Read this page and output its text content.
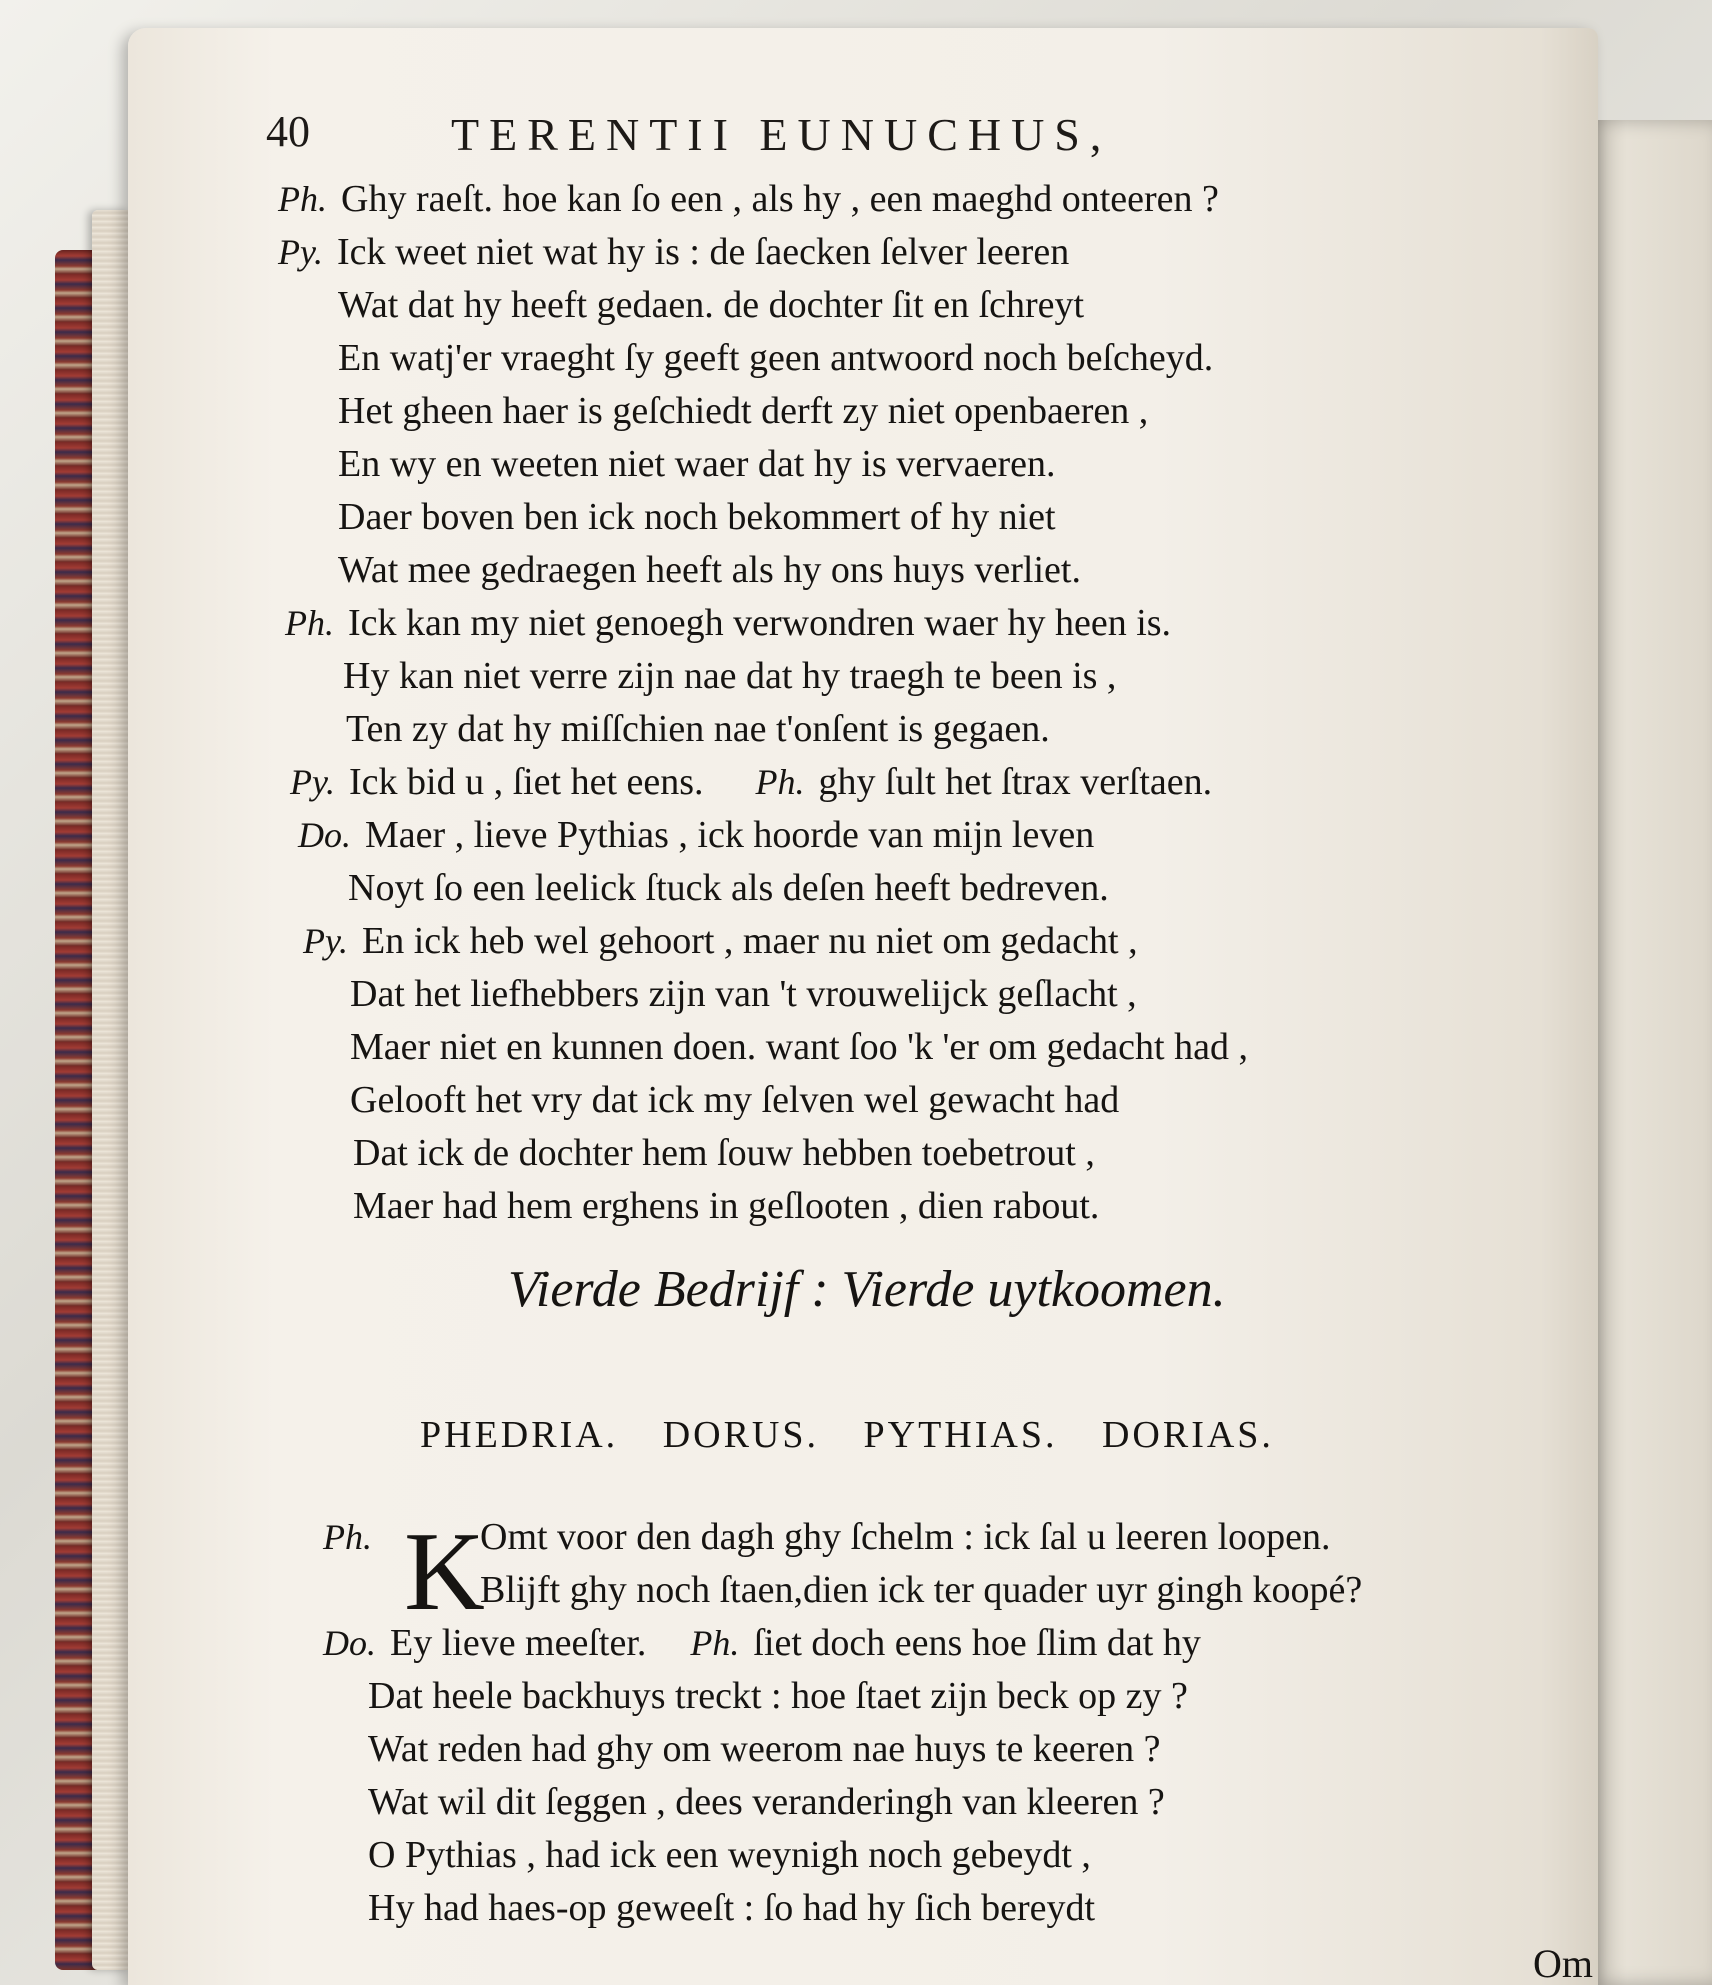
40	TERENTII EUNUCHUS,
Ph. Ghy raeſt. hoe kan ſo een , als hy , een maeghd onteeren ?
Py. Ick weet niet wat hy is : de ſaecken ſelver leeren
Wat dat hy heeft gedaen. de dochter ſit en ſchreyt
En watj'er vraeght ſy geeft geen antwoord noch beſcheyd.
Het gheen haer is geſchiedt derft zy niet openbaeren ,
En wy en weeten niet waer dat hy is vervaeren.
Daer boven ben ick noch bekommert of hy niet
Wat mee gedraegen heeft als hy ons huys verliet.
Ph. Ick kan my niet genoegh verwondren waer hy heen is.
Hy kan niet verre zijn nae dat hy traegh te been is ,
Ten zy dat hy miſſchien nae t'onſent is gegaen.
Py. Ick bid u , ſiet het eens. Ph. ghy ſult het ſtrax verſtaen.
Do. Maer , lieve Pythias , ick hoorde van mijn leven
Noyt ſo een leelick ſtuck als deſen heeft bedreven.
Py. En ick heb wel gehoort , maer nu niet om gedacht ,
Dat het liefhebbers zijn van 't vrouwelijck geſlacht ,
Maer niet en kunnen doen. want ſoo 'k 'er om gedacht had ,
Gelooft het vry dat ick my ſelven wel gewacht had
Dat ick de dochter hem ſouw hebben toebetrout ,
Maer had hem erghens in geſlooten , dien rabout.
Vierde Bedrijf : Vierde uytkoomen.
PHEDRIA. DORUS. PYTHIAS. DORIAS.
Ph. K
Omt voor den dagh ghy ſchelm : ick ſal u leeren loopen.
Blijft ghy noch ſtaen,dien ick ter quader uyr gingh koopé?
Do. Ey lieve meeſter. Ph. ſiet doch eens hoe ſlim dat hy
Dat heele backhuys treckt : hoe ſtaet zijn beck op zy ?
Wat reden had ghy om weerom nae huys te keeren ?
Wat wil dit ſeggen , dees veranderingh van kleeren ?
O Pythias , had ick een weynigh noch gebeydt ,
Hy had haes-op geweeſt : ſo had hy ſich bereydt
Om
